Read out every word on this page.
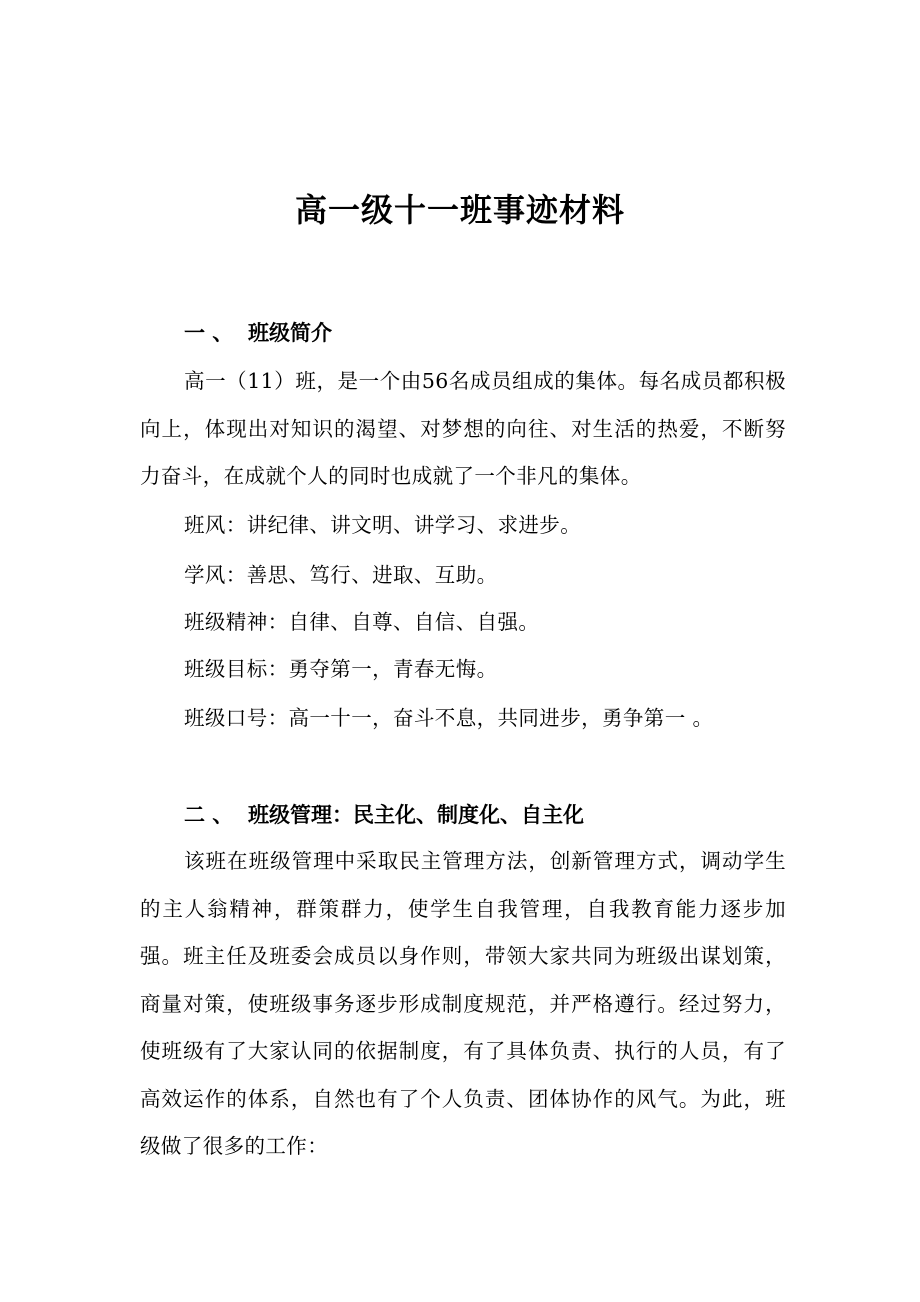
高一级十一班事迹材料
一 、 班级简介

高一（11）班，是一个由56名成员组成的集体。每名成员都积极向上，体现出对知识的渴望、对梦想的向往、对生活的热爱，不断努力奋斗，在成就个人的同时也成就了一个非凡的集体。

班风：讲纪律、讲文明、讲学习、求进步。

学风：善思、笃行、进取、互助。

班级精神：自律、自尊、自信、自强。

班级目标：勇夺第一，青春无悔。

班级口号：高一十一，奋斗不息，共同进步，勇争第一 。

二 、 班级管理：民主化、制度化、自主化

该班在班级管理中采取民主管理方法，创新管理方式，调动学生的主人翁精神，群策群力，使学生自我管理，自我教育能力逐步加强。班主任及班委会成员以身作则，带领大家共同为班级出谋划策，商量对策，使班级事务逐步形成制度规范，并严格遵行。经过努力，使班级有了大家认同的依据制度，有了具体负责、执行的人员，有了高效运作的体系，自然也有了个人负责、团体协作的风气。为此，班级做了很多的工作：
